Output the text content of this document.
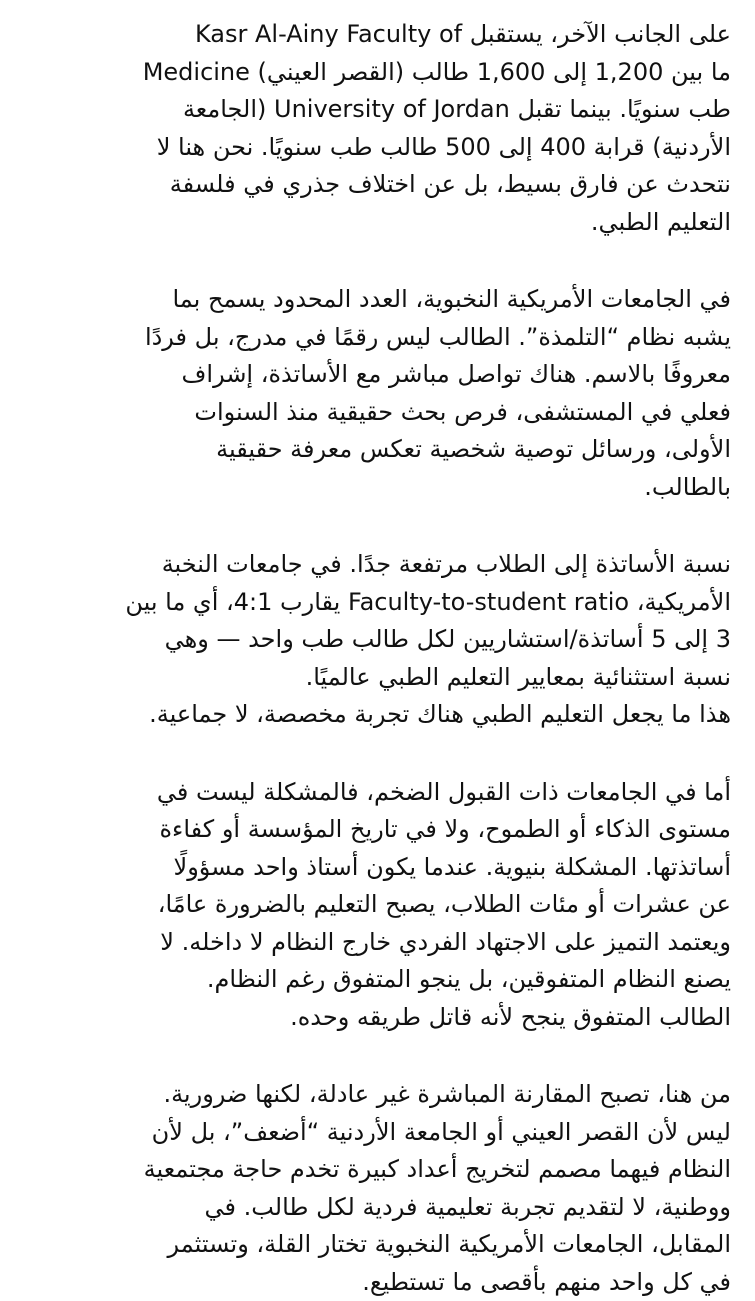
على الجانب الآخر، يستقبل Kasr Al-Ainy Faculty of
Medicine (القصر العيني) ما بين 1,200 إلى 1,600 طالب
طب سنويًا. بينما تقبل University of Jordan (الجامعة
الأردنية) قرابة 400 إلى 500 طالب طب سنويًا. نحن هنا لا
نتحدث عن فارق بسيط، بل عن اختلاف جذري في فلسفة
التعليم الطبي.
في الجامعات الأمريكية النخبوية، العدد المحدود يسمح بما
يشبه نظام “التلمذة”. الطالب ليس رقمًا في مدرج، بل فردًا
معروفًا بالاسم. هناك تواصل مباشر مع الأساتذة، إشراف
فعلي في المستشفى، فرص بحث حقيقية منذ السنوات
الأولى، ورسائل توصية شخصية تعكس معرفة حقيقية
بالطالب.
نسبة الأساتذة إلى الطلاب مرتفعة جدًا. في جامعات النخبة
الأمريكية، Faculty-to-student ratio يقارب 4:1، أي ما بين
3 إلى 5 أساتذة/استشاريين لكل طالب طب واحد — وهي
نسبة استثنائية بمعايير التعليم الطبي عالميًا.
هذا ما يجعل التعليم الطبي هناك تجربة مخصصة، لا جماعية.
أما في الجامعات ذات القبول الضخم، فالمشكلة ليست في
مستوى الذكاء أو الطموح، ولا في تاريخ المؤسسة أو كفاءة
أساتذتها. المشكلة بنيوية. عندما يكون أستاذ واحد مسؤولًا
عن عشرات أو مئات الطلاب، يصبح التعليم بالضرورة عامًا،
ويعتمد التميز على الاجتهاد الفردي خارج النظام لا داخله. لا
يصنع النظام المتفوقين، بل ينجو المتفوق رغم النظام.
الطالب المتفوق ينجح لأنه قاتل طريقه وحده.
من هنا، تصبح المقارنة المباشرة غير عادلة، لكنها ضرورية.
ليس لأن القصر العيني أو الجامعة الأردنية “أضعف”، بل لأن
النظام فيهما مصمم لتخريج أعداد كبيرة تخدم حاجة مجتمعية
ووطنية، لا لتقديم تجربة تعليمية فردية لكل طالب. في
المقابل، الجامعات الأمريكية النخبوية تختار القلة، وتستثمر
في كل واحد منهم بأقصى ما تستطيع.
